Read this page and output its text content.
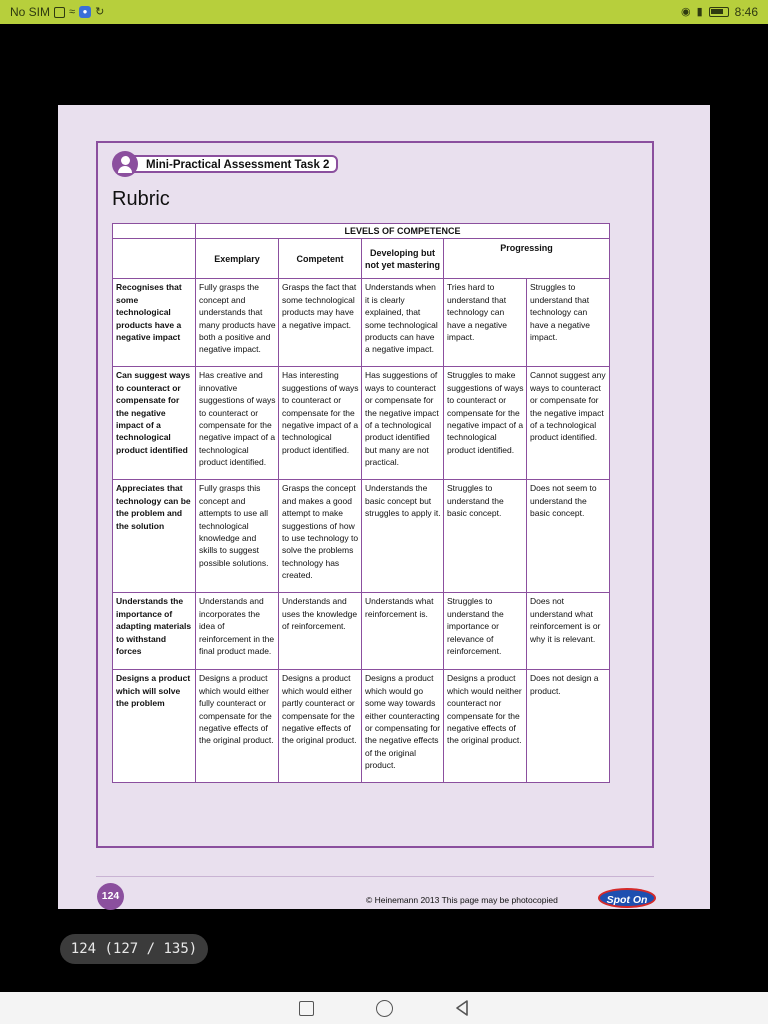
No SIM ≈ ● ↻	◉ ▮	8:46
Mini-Practical Assessment Task 2
Rubric
	LEVELS OF COMPETENCE				
	Exemplary	Competent	Developing but not yet mastering	Progressing	
Recognises that some technological products have a negative impact	Fully grasps the concept and understands that many products have both a positive and negative impact.	Grasps the fact that some technological products may have a negative impact.	Understands when it is clearly explained, that some technological products can have a negative impact.	Tries hard to understand that technology can have a negative impact.	Struggles to understand that technology can have a negative impact.
Can suggest ways to counteract or compensate for the negative impact of a technological product identified	Has creative and innovative suggestions of ways to counteract or compensate for the negative impact of a technological product identified.	Has interesting suggestions of ways to counteract or compensate for the negative impact of a technological product identified.	Has suggestions of ways to counteract or compensate for the negative impact of a technological product identified but many are not practical.	Struggles to make suggestions of ways to counteract or compensate for the negative impact of a technological product identified.	Cannot suggest any ways to counteract or compensate for the negative impact of a technological product identified.
Appreciates that technology can be the problem and the solution	Fully grasps this concept and attempts to use all technological knowledge and skills to suggest possible solutions.	Grasps the concept and makes a good attempt to make suggestions of how to use technology to solve the problems technology has created.	Understands the basic concept but struggles to apply it.	Struggles to understand the basic concept.	Does not seem to understand the basic concept.
Understands the importance of adapting materials to withstand forces	Understands and incorporates the idea of reinforcement in the final product made.	Understands and uses the knowledge of reinforcement.	Understands what reinforcement is.	Struggles to understand the importance or relevance of reinforcement.	Does not understand what reinforcement is or why it is relevant.
Designs a product which will solve the problem	Designs a product which would either fully counteract or compensate for the negative effects of the original product.	Designs a product which would either partly counteract or compensate for the negative effects of the original product.	Designs a product which would go some way towards either counteracting or compensating for the negative effects of the original product.	Designs a product which would neither counteract nor compensate for the negative effects of the original product.	Does not design a product.
124	© Heinemann 2013 This page may be photocopied	Spot On
124 (127 / 135)
